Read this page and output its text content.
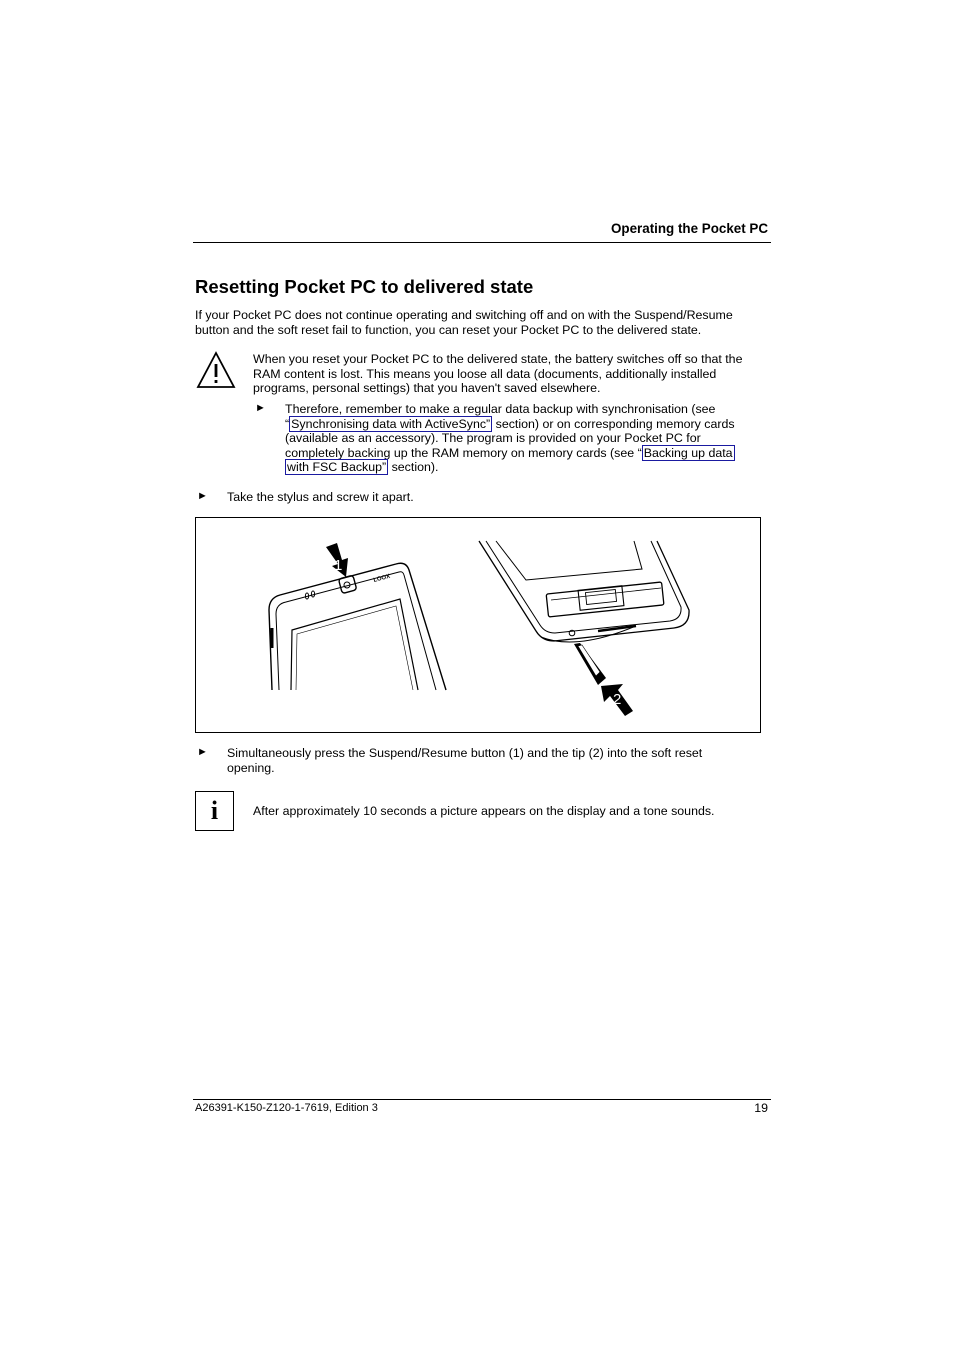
Operating the Pocket PC
Resetting Pocket PC to delivered state
If your Pocket PC does not continue operating and switching off and on with the Suspend/Resume
button and the soft reset fail to function, you can reset your Pocket PC to the delivered state.
When you reset your Pocket PC to the delivered state, the battery switches off so that the
RAM content is lost. This means you loose all data (documents, additionally installed
programs, personal settings) that you haven't saved elsewhere.
► Therefore, remember to make a regular data backup with synchronisation (see
“ Synchronising data with ActiveSync” section) or on corresponding memory cards
(available as an accessory). The program is provided on your Pocket PC for
completely backing up the RAM memory on memory cards (see “ Backing up data
with FSC Backup” section).
► Take the stylus and screw it apart.
LOOX
1
2
► Simultaneously press the Suspend/Resume button (1) and the tip (2) into the soft reset
opening.
i	After approximately 10 seconds a picture appears on the display and a tone sounds.
A26391-K150-Z120-1-7619, Edition 3	19
